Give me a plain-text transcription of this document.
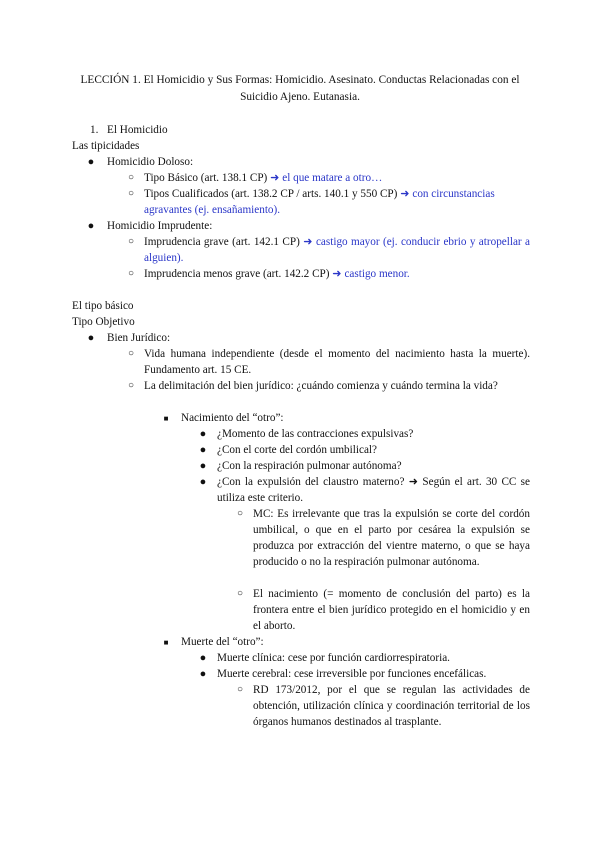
LECCIÓN 1. El Homicidio y Sus Formas: Homicidio. Asesinato. Conductas Relacionadas con el Suicidio Ajeno. Eutanasia.
1. El Homicidio
Las tipicidades
● Homicidio Doloso:
○ Tipo Básico (art. 138.1 CP) ➜ el que matare a otro…
○ Tipos Cualificados (art. 138.2 CP / arts. 140.1 y 550 CP) ➜ con circunstancias agravantes (ej. ensañamiento).
● Homicidio Imprudente:
○ Imprudencia grave (art. 142.1 CP) ➜ castigo mayor (ej. conducir ebrio y atropellar a alguien).
○ Imprudencia menos grave (art. 142.2 CP) ➜ castigo menor.
El tipo básico
Tipo Objetivo
● Bien Jurídico:
○ Vida humana independiente (desde el momento del nacimiento hasta la muerte). Fundamento art. 15 CE.
○ La delimitación del bien jurídico: ¿cuándo comienza y cuándo termina la vida?
■	Nacimiento del “otro”:
● ¿Momento de las contracciones expulsivas?
● ¿Con el corte del cordón umbilical?
● ¿Con la respiración pulmonar autónoma?
● ¿Con la expulsión del claustro materno? ➜ Según el art. 30 CC se utiliza este criterio.
○ MC: Es irrelevante que tras la expulsión se corte del cordón umbilical, o que en el parto por cesárea la expulsión se produzca por extracción del vientre materno, o que se haya producido o no la respiración pulmonar autónoma.
○ El nacimiento (= momento de conclusión del parto) es la frontera entre el bien jurídico protegido en el homicidio y en el aborto.
■	Muerte del “otro”:
● Muerte clínica: cese por función cardiorrespiratoria.
● Muerte cerebral: cese irreversible por funciones encefálicas.
○ RD 173/2012, por el que se regulan las actividades de obtención, utilización clínica y coordinación territorial de los órganos humanos destinados al trasplante.
